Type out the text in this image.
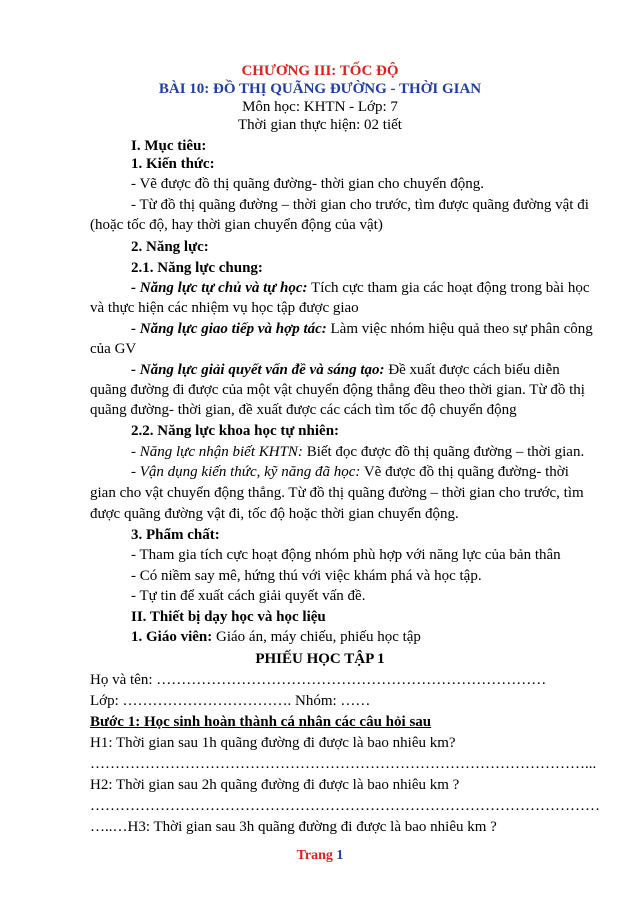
CHƯƠNG III: TỐC ĐỘ
BÀI 10: ĐỒ THỊ QUÃNG ĐƯỜNG - THỜI GIAN
Môn học: KHTN - Lớp: 7
Thời gian thực hiện: 02 tiết
I. Mục tiêu:
1. Kiến thức:
- Vẽ được đồ thị quãng đường- thời gian cho chuyển động.
- Từ đồ thị quãng đường – thời gian cho trước, tìm được quãng đường vật đi
(hoặc tốc độ, hay thời gian chuyển động của vật)
2. Năng lực:
2.1. Năng lực chung:
- Năng lực tự chủ và tự học: Tích cực tham gia các hoạt động trong bài học
và thực hiện các nhiệm vụ học tập được giao
- Năng lực giao tiếp và hợp tác: Làm việc nhóm hiệu quả theo sự phân công
của GV
- Năng lực giải quyết vấn đề và sáng tạo: Đề xuất được cách biểu diễn
quãng đường đi được của một vật chuyển động thẳng đều theo thời gian. Từ đồ thị
quãng đường- thời gian, đề xuất được các cách tìm tốc độ chuyển động
2.2. Năng lực khoa học tự nhiên:
- Năng lực nhận biết KHTN: Biết đọc được đồ thị quãng đường – thời gian.
- Vận dụng kiến thức, kỹ năng đã học: Vẽ được đồ thị quãng đường- thời
gian cho vật chuyển động thẳng. Từ đồ thị quãng đường – thời gian cho trước, tìm
được quãng đường vật đi, tốc độ hoặc thời gian chuyển động.
3. Phẩm chất:
- Tham gia tích cực hoạt động nhóm phù hợp với năng lực của bản thân
- Có niềm say mê, hứng thú với việc khám phá và học tập.
- Tự tin để xuất cách giải quyết vấn đề.
II. Thiết bị dạy học và học liệu
1. Giáo viên: Giáo án, máy chiếu, phiếu học tập
PHIẾU HỌC TẬP 1
Họ và tên: ……………………………………………………………………
Lớp: ……………………………. Nhóm: ……
Bước 1: Học sinh hoàn thành cá nhân các câu hỏi sau
H1: Thời gian sau 1h quãng đường đi được là bao nhiêu km?
………………………………………………………………………………………...
H2: Thời gian sau 2h quãng đường đi được là bao nhiêu km ?
…………………………………………………………………………………………
…..…H3: Thời gian sau 3h quãng đường đi được là bao nhiêu km ?
Trang 1
